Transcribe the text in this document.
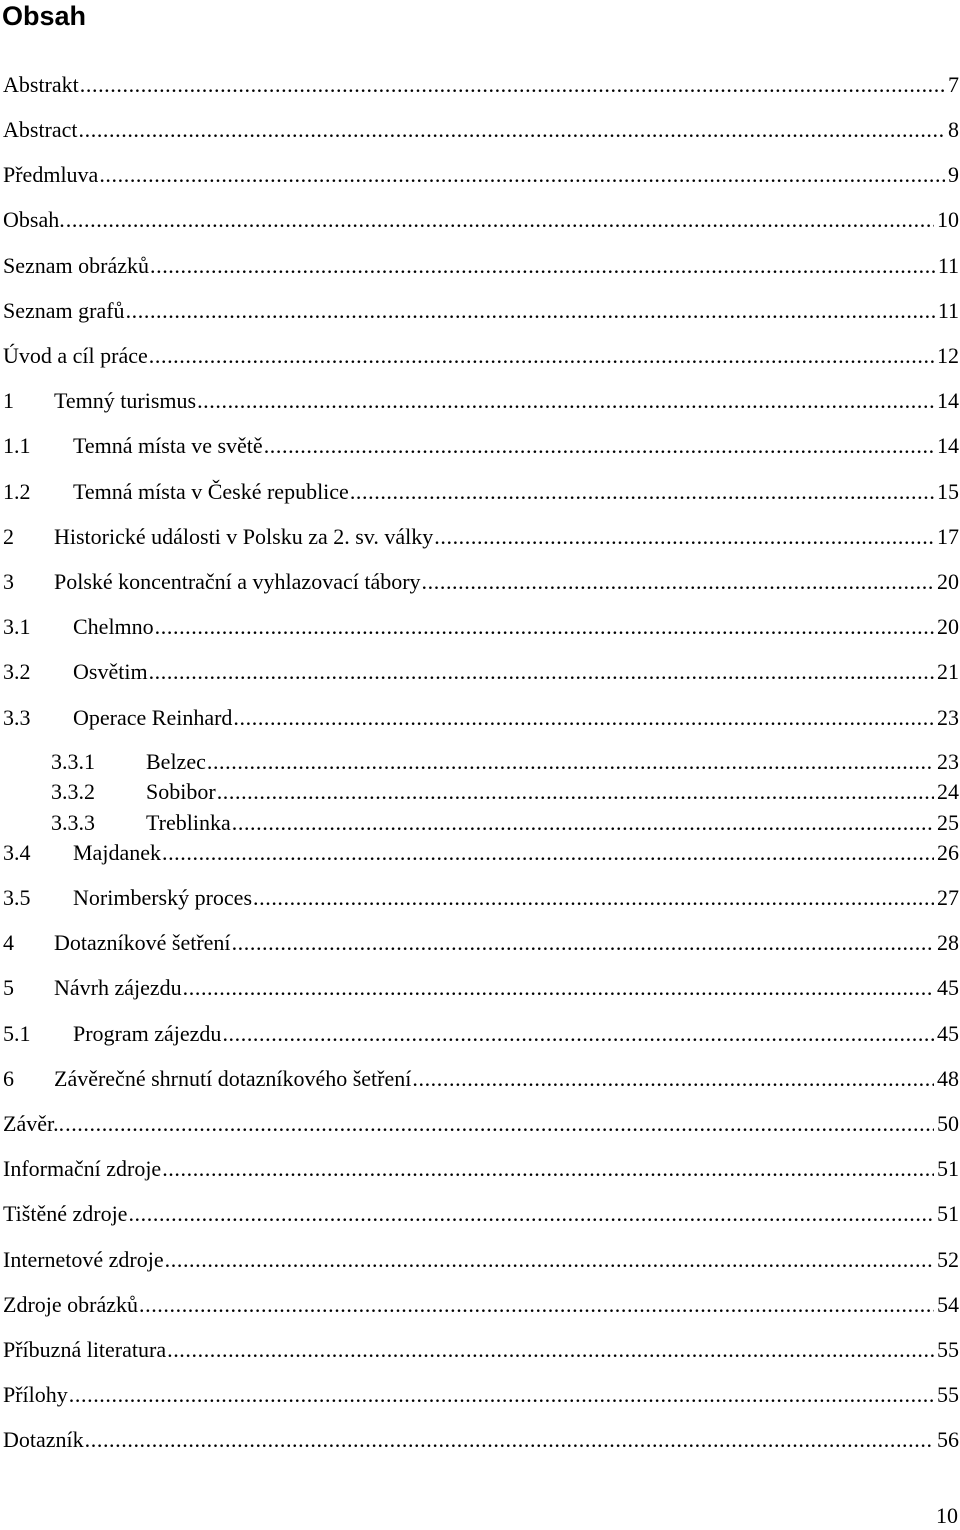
Obsah
Abstrakt .....	7
Abstract .....	8
Předmluva .....	9
Obsah. .....	10
Seznam obrázků .....	11
Seznam grafů .....	11
Úvod a cíl práce .....	12
1	Temný turismus .....	14
1.1	Temná místa ve světě .....	14
1.2	Temná místa v České republice .....	15
2	Historické události v Polsku za 2. sv. války .....	17
3	Polské koncentrační a vyhlazovací tábory .....	20
3.1	Chelmno .....	20
3.2	Osvětim .....	21
3.3	Operace Reinhard .....	23
3.3.1	Belzec .....	23
3.3.2	Sobibor .....	24
3.3.3	Treblinka .....	25
3.4	Majdanek .....	26
3.5	Norimberský proces .....	27
4	Dotazníkové šetření .....	28
5	Návrh zájezdu .....	45
5.1	Program zájezdu .....	45
6	Závěrečné shrnutí dotazníkového šetření .....	48
Závěr.. .....	50
Informační zdroje .....	51
Tištěné zdroje .....	51
Internetové zdroje .....	52
Zdroje obrázků .....	54
Příbuzná literatura .....	55
Přílohy .....	55
Dotazník .....	56
10
